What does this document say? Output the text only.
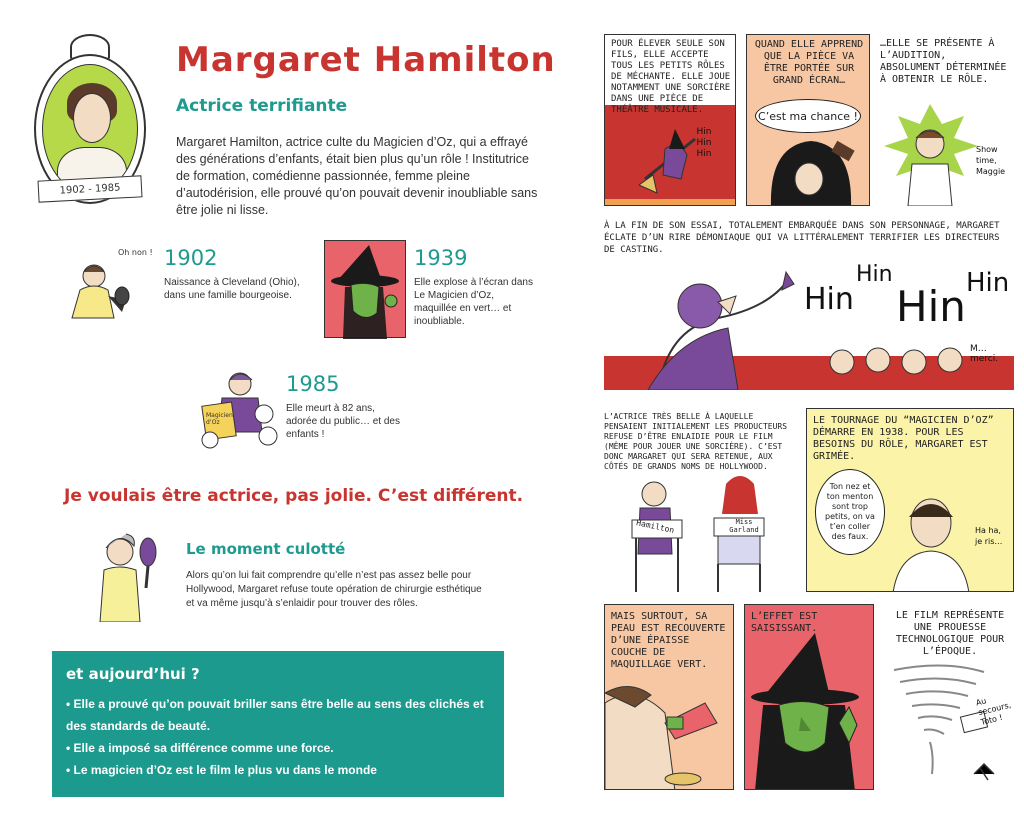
1902 - 1985
Margaret Hamilton
Actrice terrifiante

Margaret Hamilton, actrice culte du Magicien d’Oz, qui a effrayé des générations d’enfants, était bien plus qu’un rôle ! Institutrice de formation, comédienne passionnée, femme pleine d’autodérision, elle prouvé qu’on pouvait devenir inoubliable sans être jolie ni lisse.

Oh non ! 1902
Naissance à Cleveland (Ohio), dans une famille bourgeoise.
1939
Elle explose à l’écran dans Le Magicien d’Oz, maquillée en vert… et inoubliable.
Magicien d’Oz
1985
Elle meurt à 82 ans, adorée du public… et des enfants !
Je voulais être actrice, pas jolie. C’est différent.
Le moment culotté

Alors qu’on lui fait comprendre qu’elle n’est pas assez belle pour Hollywood, Margaret refuse toute opération de chirurgie esthétique et va même jusqu’à s’enlaidir pour trouver des rôles.

et aujourd’hui ?
• Elle a prouvé qu’on pouvait briller sans être belle au sens des clichés et des standards de beauté.
• Elle a imposé sa différence comme une force.
• Le magicien d’Oz est le film le plus vu dans le monde
POUR ÉLEVER SEULE SON FILS, ELLE ACCEPTE TOUS LES PETITS RÔLES DE MÉCHANTE. ELLE JOUE NOTAMMENT UNE SORCIÈRE DANS UNE PIÈCE DE THÉÂTRE MUSICALE.
Hin Hin Hin
QUAND ELLE APPREND QUE LA PIÈCE VA ÊTRE PORTÉE SUR GRAND ÉCRAN…
C’est ma chance !
…ELLE SE PRÉSENTE À L’AUDITION, ABSOLUMENT DÉTERMINÉE À OBTENIR LE RÔLE.
Show time, Maggie
À LA FIN DE SON ESSAI, TOTALEMENT EMBARQUÉE DANS SON PERSONNAGE, MARGARET ÉCLATE D’UN RIRE DÉMONIAQUE QUI VA LITTÉRALEMENT TERRIFIER LES DIRECTEURS DE CASTING.
Hin
Hin
Hin Hin
M… merci.
L’ACTRICE TRÈS BELLE À LAQUELLE PENSAIENT INITIALEMENT LES PRODUCTEURS REFUSE D’ÊTRE ENLAIDIE POUR LE FILM (MÊME POUR JOUER UNE SORCIÈRE). C’EST DONC MARGARET QUI SERA RETENUE, AUX CÔTÉS DE GRANDS NOMS DE HOLLYWOOD.
Hamilton	Miss Garland
LE TOURNAGE DU “MAGICIEN D’OZ” DÉMARRE EN 1938. POUR LES BESOINS DU RÔLE, MARGARET EST GRIMÉE.
Ton nez et ton menton sont trop petits, on va t’en coller des faux.
Ha ha, je ris…
MAIS SURTOUT, SA PEAU EST RECOUVERTE D’UNE ÉPAISSE COUCHE DE MAQUILLAGE VERT.
L’EFFET EST SAISISSANT.
LE FILM REPRÉSENTE UNE PROUESSE TECHNOLOGIQUE POUR L’ÉPOQUE.
Au secours, Toto !
